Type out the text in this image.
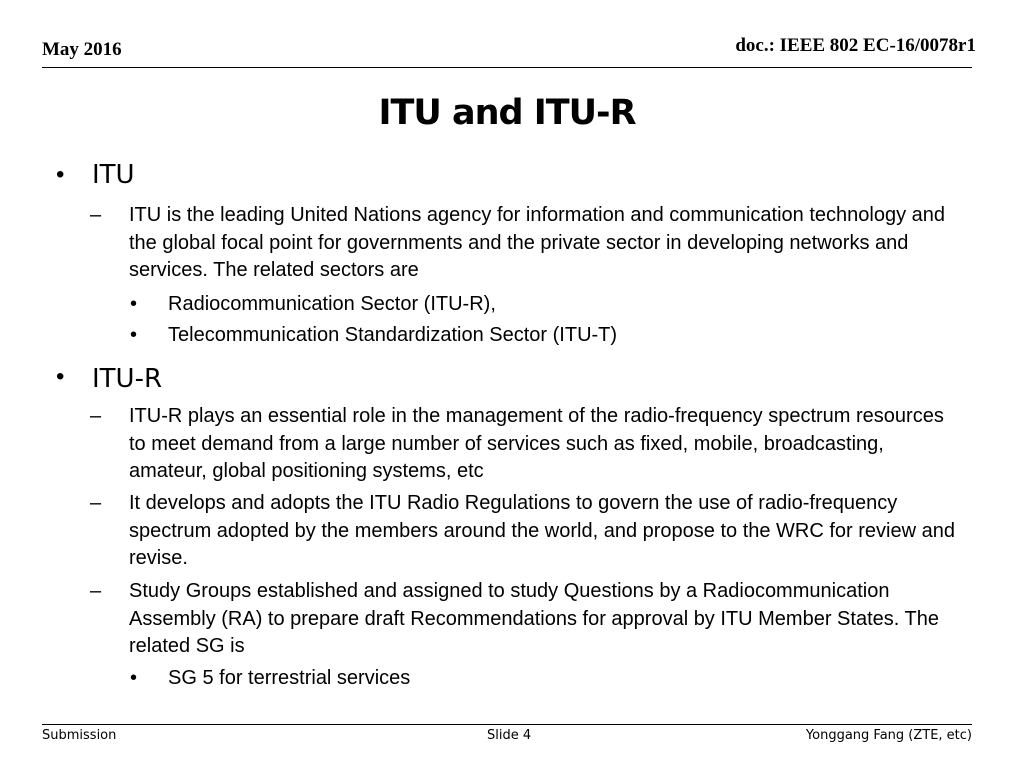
May 2016	doc.: IEEE 802 EC-16/0078r1
ITU and ITU-R
• ITU
– ITU is the leading United Nations agency for information and communication technology and the global focal point for governments and the private sector in developing networks and services. The related sectors are

• Radiocommunication Sector (ITU-R),
• Telecommunication Standardization Sector (ITU-T)
• ITU-R
– ITU-R plays an essential role in the management of the radio-frequency spectrum resources to meet demand from a large number of services such as fixed, mobile, broadcasting, amateur, global positioning systems, etc

– It develops and adopts the ITU Radio Regulations to govern the use of radio-frequency spectrum adopted by the members around the world, and propose to the WRC for review and revise.

– Study Groups established and assigned to study Questions by a Radiocommunication Assembly (RA) to prepare draft Recommendations for approval by ITU Member States. The related SG is

• SG 5 for terrestrial services
Submission	Slide 4	Yonggang Fang (ZTE, etc)
